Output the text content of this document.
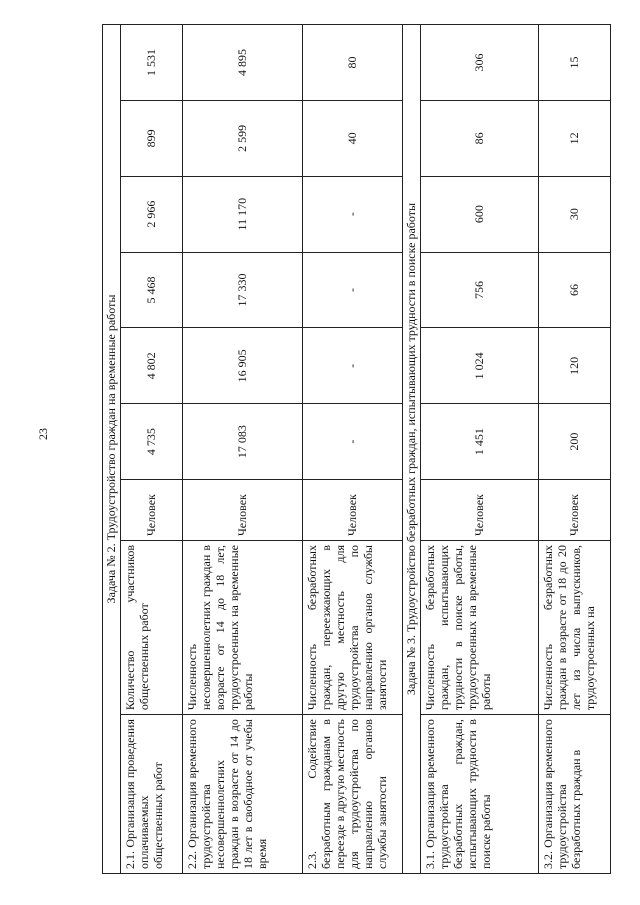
23
									Задача № 2. Трудоустройство граждан на временные работы								
2.1. Организация проведения оплачиваемых общественных работ	Количество участников общественных работ	Человек	4 735	4 802	5 468	2 966	899	1 531
2.2. Организация временного трудоустройства несовершеннолетних граждан в возрасте от 14 до 18 лет в свободное от учебы время	Численность несовершеннолетних граждан в возрасте от 14 до 18 лет, трудоустроенных на временные работы	Человек	17 083	16 905	17 330	11 170	2 599	4 895
2.3. Содействие безработным гражданам в переезде в другую местность для трудоустройства по направлению органов службы занятости	Численность безработных граждан, переезжающих в другую местность для трудоустройства по направлению органов службы занятости	Человек	-	-	-	-	40	80
Задача № 3. Трудоустройство безработных граждан, испытывающих трудности в поиске работы								
3.1. Организация временного трудоустройства безработных граждан, испытывающих трудности в поиске работы	Численность безработных граждан, испытывающих трудности в поиске работы, трудоустроенных на временные работы	Человек	1 451	1 024	756	600	86	306
3.2. Организация временного трудоустройства безработных граждан в	Численность безработных граждан в возрасте от 18 до 20 лет из числа выпускников, трудоустроенных на	Человек	200	120	66	30	12	15
